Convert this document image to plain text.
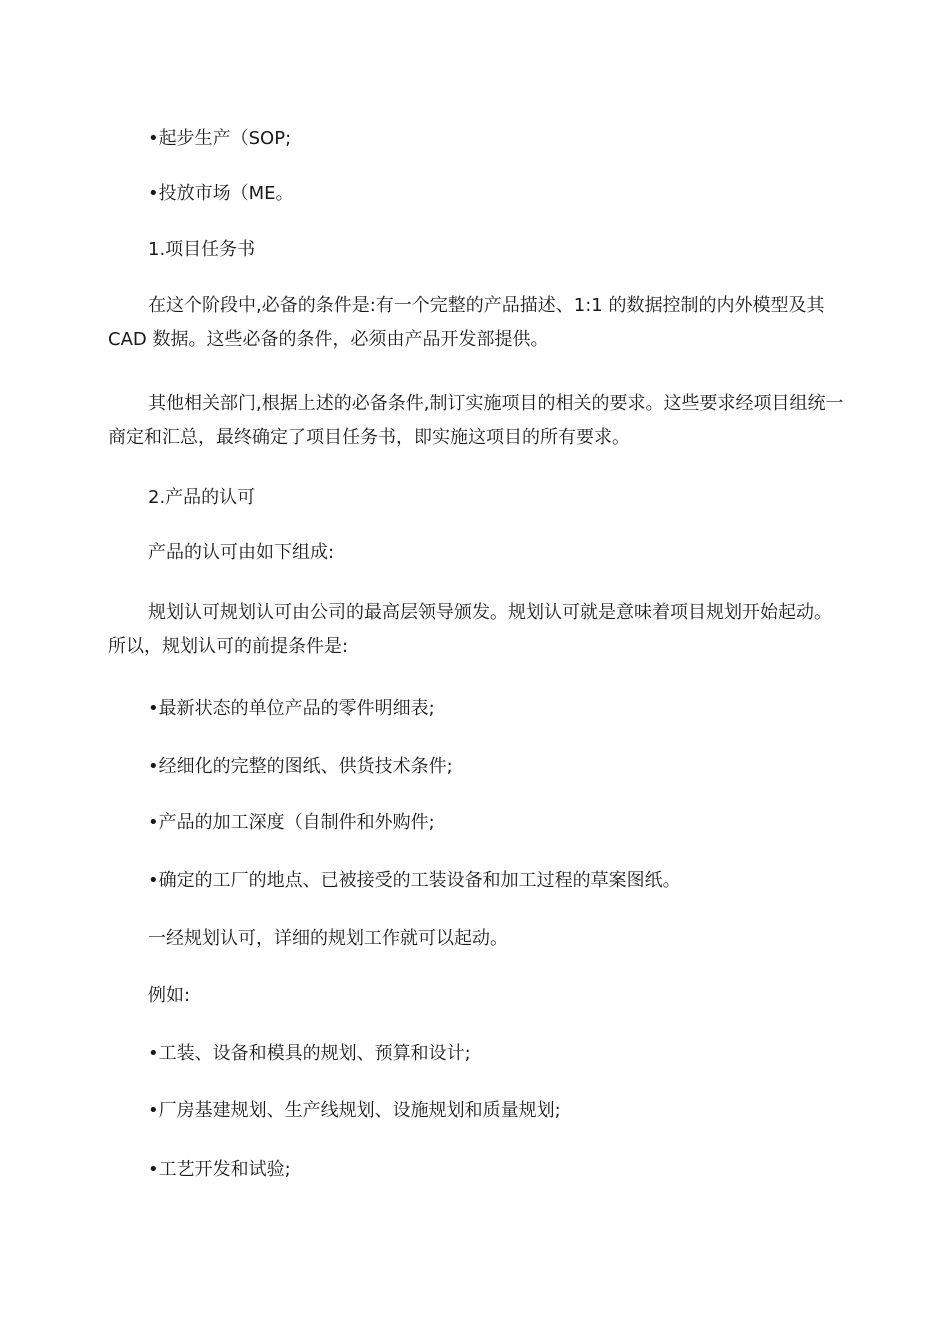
•起步生产（SOP;

•投放市场（ME。

1.项目任务书

在这个阶段中,必备的条件是:有一个完整的产品描述、1:1 的数据控制的内外模型及其 CAD 数据。这些必备的条件，必须由产品开发部提供。

其他相关部门,根据上述的必备条件,制订实施项目的相关的要求。这些要求经项目组统一商定和汇总，最终确定了项目任务书，即实施这项目的所有要求。

2.产品的认可

产品的认可由如下组成:

规划认可规划认可由公司的最高层领导颁发。规划认可就是意味着项目规划开始起动。所以，规划认可的前提条件是:

•最新状态的单位产品的零件明细表;

•经细化的完整的图纸、供货技术条件;

•产品的加工深度（自制件和外购件;

•确定的工厂的地点、已被接受的工装设备和加工过程的草案图纸。

一经规划认可，详细的规划工作就可以起动。

例如:

•工装、设备和模具的规划、预算和设计;

•厂房基建规划、生产线规划、设施规划和质量规划;

•工艺开发和试验;
